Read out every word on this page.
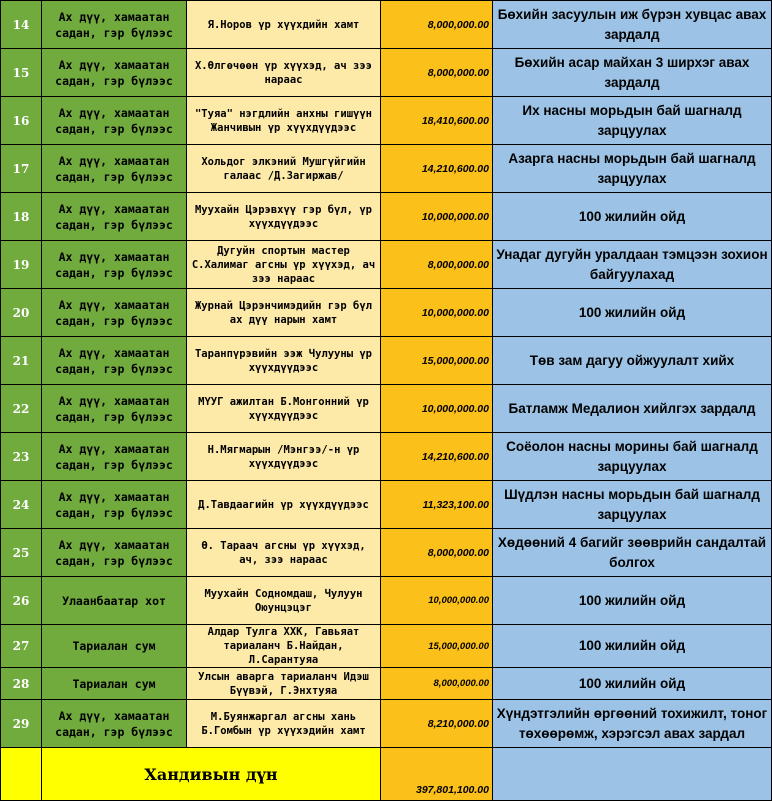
14	Ах дүү, хамаатан садан, гэр бүлээс	Я.Норов үр хүүхдийн хамт	8,000,000.00	Бөхийн засуулын иж бүрэн хувцас авах зардалд
15	Ах дүү, хамаатан садан, гэр бүлээс	Х.Өлгөчөөн үр хүүхэд, ач зээ нараас	8,000,000.00	Бөхийн асар майхан 3 ширхэг авах зардалд
16	Ах дүү, хамаатан садан, гэр бүлээс	"Туяа" нэгдлийн анхны гишүүн Жанчивын үр хүүхдүүдээс	18,410,600.00	Их насны морьдын бай шагналд зарцуулах
17	Ах дүү, хамаатан садан, гэр бүлээс	Хольдог элкэний Мушгүйгийн галаас /Д.Загиржав/	14,210,600.00	Азарга насны морьдын бай шагналд зарцуулах
18	Ах дүү, хамаатан садан, гэр бүлээс	Муухайн Цэрэвхүү гэр бүл, үр хүүхдүүдээс	10,000,000.00	100 жилийн ойд
19	Ах дүү, хамаатан садан, гэр бүлээс	Дугуйн спортын мастер С.Халимаг агсны үр хүүхэд, ач зээ нараас	8,000,000.00	Унадаг дугуйн уралдаан тэмцээн зохион байгуулахад
20	Ах дүү, хамаатан садан, гэр бүлээс	Журнай Цэрэнчимэдийн гэр бүл ах дүү нарын хамт	10,000,000.00	100 жилийн ойд
21	Ах дүү, хамаатан садан, гэр бүлээс	Таранпүрэвийн ээж Чулууны үр хүүхдүүдээс	15,000,000.00	Төв зам дагуу ойжуулалт хийх
22	Ах дүү, хамаатан садан, гэр бүлээс	МҮУГ ажилтан Б.Монгонний үр хүүхдүүдээс	10,000,000.00	Батламж Медалион хийлгэх зардалд
23	Ах дүү, хамаатан садан, гэр бүлээс	Н.Мягмарын /Мэнгээ/-н үр хүүхдүүдээс	14,210,600.00	Соёолон насны морины бай шагналд зарцуулах
24	Ах дүү, хамаатан садан, гэр бүлээс	Д.Тавдаагийн үр хүүхдүүдээс	11,323,100.00	Шүдлэн насны морьдын бай шагналд зарцуулах
25	Ах дүү, хамаатан садан, гэр бүлээс	Ө. Тараач агсны үр хүүхэд, ач, зээ нараас	8,000,000.00	Хөдөөний 4 багийг зөөврийн сандалтай болгох
26	Улаанбаатар хот	Муухайн Содномдаш, Чулуун Оюунцэцэг	10,000,000.00	100 жилийн ойд
27	Тариалан сум	Алдар Тулга ХХК, Гавьяат тариаланч Б.Найдан, Л.Сарантуяа	15,000,000.00	100 жилийн ойд
28	Тариалан сум	Улсын аварга тариаланч Идэш Бүүвэй, Г.Энхтуяа	8,000,000.00	100 жилийн ойд
29	Ах дүү, хамаатан садан, гэр бүлээс	М.Буянжаргал агсны хань Б.Гомбын үр хүүхэдийн хамт	8,210,000.00	Хүндэтгэлийн өргөөний тохижилт, тоног төхөөрөмж, хэрэгсэл авах зардал
	Хандивын дүн		397,801,100.00	
